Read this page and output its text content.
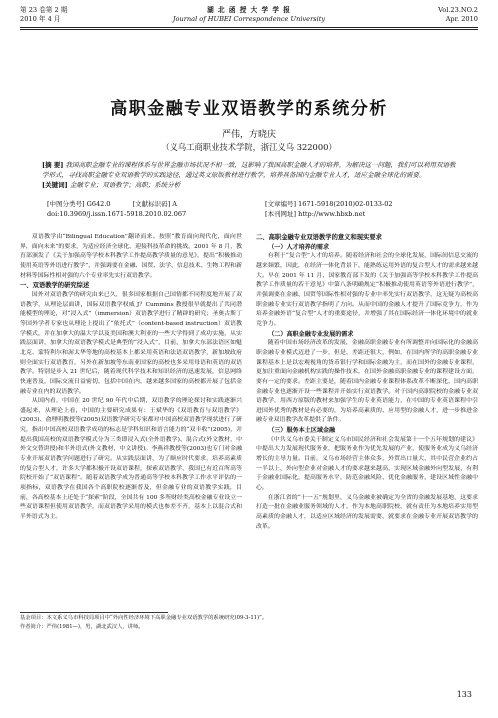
第 23 卷第 2 期
2010 年 4 月
湖 北 函 授 大 学 学 报
Journal of HUBEI Correspondence University
Vol.23.NO.2
Apr. 2010
高职金融专业双语教学的系统分析
严伟，方晓庆
（义乌工商职业技术学院，浙江义乌 322000）
[摘 要] 我国高职金融专业的课程体系与世界金融市场状况不相一致，这影响了我国高职金融人才的培养。为解决这一问题，我们可以利用双语教学形式，寻找高职金融专业双语教学的实践途径，通过英文原版教材进行教学，培养具备国内金融专业人才，适应金融全球化的需要。
[关键词] 金融专业；双语教学；高职；系统分析
[中图分类号] G642.0	[文献标识码] A
doi:10.3969/j.issn.1671-5918.2010.02.067
[文章编号] 1671-5918(2010)02-0133-02
[本刊网址] http://www.hbxb.net

双语教学由“Bilingual Education”翻译而来。按照“教育面向现代化，面向世界，面向未来”的要求，为适应经济全球化、迎接科技革命的挑战，2001 年 8 月，教育部颁发了《关于加强高等学校本科教学工作提高教学质量的意见》，提出“积极推动使用英语等外语进行教学”，并强调要在金融、国贸、法学、信息技术、生物工程和新材料等国际性相对强的六个专业率先实行双语教学。

一、双语教学的研究综述

国外对双语教学的研究由来已久，很多国家根据自己国情都不同程度地开展了双语教学，从理论层面讲，国际双语教学权威 J？Cummins 教授很早就提出了共同潜能模型的理论，对“浸入式”（immersion）双语教学进行了精辟的研究；圣奥古斯丁等国外学者专家也从理论上提出了“依托式”（content-based instruction）双语教学模式，并在加拿大的温大学以及美国和澳大利亚的一些大学得到了成功实施，从实践层面讲，加拿大的双语教学模式是典型的“浸入式”，目前，加拿大东部法语区如魁北克、蒙特利尔和渥太华等地的高校基本上都采用英语和法语双语教学，新加坡政府则全面实行双语教育，另外在新加坡等东南亚国家的高校也多采用母语和英语的双语教学。特别是步入 21 世纪后，随着现代科学技术和知识经济的迅速发展，信息网络快速普及，国际交流日益密切，包括中国在内，越来越多国家的高校都开展了包括金融专业在内的双语教学。

从国内看，中国在 20 世纪 90 年代中后期，双语教学的理论探讨和实践逐渐兴盛起来，从理论上看，中国的主要研究成果有：王斌华的《双语教育与双语教学》(2003)、俞理明教授等(2005)双语教学研究专家都对中国高校双语教学现状进行了研究，指出中国高校双语教学成功的标志是学科知识和语言能力的“双丰收”(2005)，并提出我国高校的双语教学模式分为三类即浸入式(全外语教学)、混合式(外文教材，中外文交替讲授)和半外语式(外文教材，中文讲授)。李燕祥教授等(2003)也专门对金融专业开展双语教学问题进行了研究。从实践层面讲，为了顺应时代要求，培养高素质的复合型人才，许多大学都积极开设双语课程，探索双语教学，我国已有近百所高等院校开始了“双语课程”。随着双语教学成为普通高等学校本科教学工作水平评估的一项指标，双语教学在我国各个高职院校逐渐普及，但金融专业的双语教学实践，目前，各高校基本上还处于“探索”阶段，全国共有 100 多所财经类高校金融专业设立一些双语课程但使用双语教学，而双语教学采用的模式也参差不齐，基本上以混合式和半外语式为主。

二、高职金融专业双语教学的意义和现实要求
（一）人才培养的需求

有利于“复合型”人才的培养。随着经济和社会的全球化发展，国际间信息交流的越来频繁，因此，在经济一体化背景下，能熟练运用外语的复合型人才的需求越来越大。早在 2001 年 11 月，国家教育部下发的《关于加强高等学校本科教学工作提高教学工作质量的若干意见》中第八条明确规定“积极推动使用英语等外语进行教学”，并强调要在金融、国贸等国际性相对强的专业中率先实行双语教学，这无疑为高校高职金融专业实行双语教学指明了方向。从而中国的金融人才提升了国际竞争力，作为培养金融外语“复合型”人才的重要途径，并增强了其在国际经济一体化环境中的就业竞争力。

（二）高职金融专业发展的需求

随着中国市场经济改革的发展，金融高职金融专业有所调整并向国际化的金融高职金融专业模式迈进了一步，但是，差距还很大，例如，在国内所学的高职金融专业课程基本上是以宏观视角的货币银行学和国际金融为主，而在国外的金融专业课程，更加注重面向金融机构实践的操作技术，在国外金融高职金融专业的课程建设方面，要有一定的要求。差距主要是，随着国内金融专业课程体系改革不断深化，国内高职金融专业也逐渐开设一些课程并开始实行双语教学。对于国内高职院校的金融专业双语教学，用西方原版的教材来加强学生的专业英语能力，在中国的专业英语课程中引进国外优秀的教材是有必要的，为培养高素质的、应用型的金融人才，进一步推进金融专业双语教学改革提供了条件。

（三）服务本土区域金融

《中共义乌市委关于制定义乌市国民经济和社会发展第十一个五年规划的建议》中提出大力发展现代服务业，把服务业作为优先发展的产业，使服务业成为义乌经济增长的主导力量。目前，义乌市场经营主体众多，外贸出口量大，其中民营企业约占一半以上，外向型企业对金融人才的要求越来越高，实现区域金融外向型发展，有利于金融业国际化，提高服务水平，防范金融风险、优化金融服务，建设区域性金融中心。

在浙江省的“十一五”规划里，义乌金融业被确定为全省的金融发展基地，这要求打造一批在金融业服务领域的人才，作为本地高职院校，就有责任为本地培养实用型高素质的金融人才，以适应区域经济的发展需要，就要求在金融专业开展双语教学的改革。

基金项目：本文系义乌市科技局项目中“外向性经济环境下高职金融专业双语教学的系统研究(09-3-11)”。
作者简介：严伟(1981—)，男，湖北武汉人，讲师。
133
